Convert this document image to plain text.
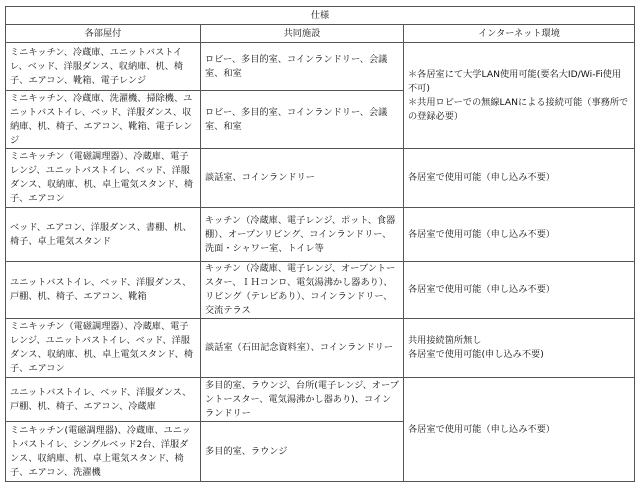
仕様		
各部屋付	共同施設	インターネット環境
ミニキッチン、冷蔵庫、ユニットバストイレ、ベッド、洋服ダンス、収納庫、机、椅子、エアコン、靴箱、電子レンジ	ロビー、多目的室、コインランドリー、会議室、和室	＊各居室にて大学LAN使用可能(要名大ID/Wi-Fi使用不可)
＊共用ロビーでの無線LANによる接続可能（事務所での登録必要）

ミニキッチン、冷蔵庫、洗濯機、掃除機、ユニットバストイレ、ベッド、洋服ダンス、収納庫、机、椅子、エアコン、靴箱、電子レンジ	ロビー、多目的室、コインランドリー、会議室、和室	
ミニキッチン（電磁調理器）、冷蔵庫、電子レンジ、ユニットバストイレ、ベッド、洋服ダンス、収納庫、机、卓上電気スタンド、椅子、エアコン	談話室、コインランドリー	各居室で使用可能（申し込み不要）
ベッド、エアコン、洋服ダンス、書棚、机、椅子、卓上電気スタンド	キッチン（冷蔵庫、電子レンジ、ポット、食器棚）、オープンリビング、コインランドリー、洗面・シャワー室、トイレ等	各居室で使用可能（申し込み不要）
ユニットバストイレ、ベッド、洋服ダンス、戸棚、机、椅子、エアコン、靴箱	キッチン（冷蔵庫、電子レンジ、オーブントースター、ＩＨコンロ、電気湯沸かし器あり）、リビング（テレビあり）、コインランドリー、交流テラス	各居室で使用可能（申し込み不要）
ミニキッチン（電磁調理器）、冷蔵庫、電子レンジ、ユニットバストイレ、ベッド、洋服ダンス、収納庫、机、卓上電気スタンド、椅子、エアコン	談話室（石田記念資料室）、コインランドリー	共用接続箇所無し
各居室で使用可能(申し込み不要)

ユニットバストイレ、ベッド、洋服ダンス、戸棚、机、椅子、エアコン、冷蔵庫	多目的室、ラウンジ、台所(電子レンジ、オーブントースター、電気湯沸かし器あり)、コインランドリー	各居室で使用可能（申し込み不要）
ミニキッチン(電磁調理器)、冷蔵庫、ユニットバストイレ、シングルベッド2台、洋服ダンス、収納庫、机、卓上電気スタンド、椅子、エアコン、洗濯機	多目的室、ラウンジ	
